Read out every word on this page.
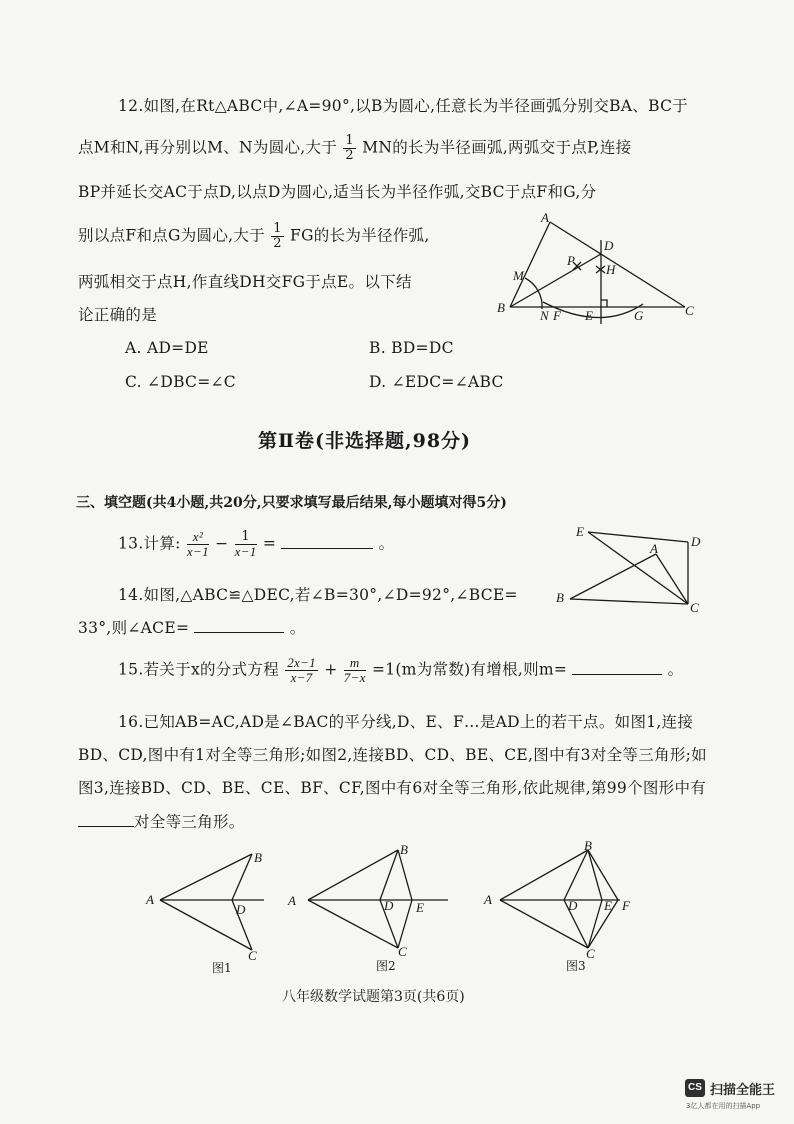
12.如图,在Rt△ABC中,∠A=90°,以B为圆心,任意长为半径画弧分别交BA、BC于
点M和N,再分别以M、N为圆心,大于 $\frac{1}{2}$ MN的长为半径画弧,两弧交于点P,连接
BP并延长交AC于点D,以点D为圆心,适当长为半径作弧,交BC于点F和G,分
别以点F和点G为圆心,大于 $\frac{1}{2}$ FG的长为半径作弧,
两弧相交于点H,作直线DH交FG于点E。以下结
论正确的是
A. AD=DE	B. BD=DC
C. ∠DBC=∠C	D. ∠EDC=∠ABC
A
B	C
D
M
P
H
N F E	G
第Ⅱ卷(非选择题,98分)
三、填空题(共4小题,共20分,只要求填写最后结果,每小题填对得5分)
13.计算: $\frac{\text{x²}}{x-1} - \frac{1}{x-1}$ =	。
E
A	D
B
C
14.如图,△ABC≌△DEC,若∠B=30°,∠D=92°,∠BCE=
33°,则∠ACE=	。
15.若关于x的分式方程 $\frac{2x-1}{x-7} + \frac{m}{7-x} =1(m$为常数)有增根,则m=	。
16.已知AB=AC,AD是∠BAC的平分线,D、E、F…是AD上的若干点。如图1,连接
BD、CD,图中有1对全等三角形;如图2,连接BD、CD、BE、CE,图中有3对全等三角形;如
图3,连接BD、CD、BE、CE、BF、CF,图中有6对全等三角形,依此规律,第99个图形中有
对全等三角形。
A
B
C
D
图1
B
C
D E
图2
A
B
C
D E F
图3
A
八年级数学试题第3页(共6页)
CS 扫描全能王
3亿人都在用的扫描App
